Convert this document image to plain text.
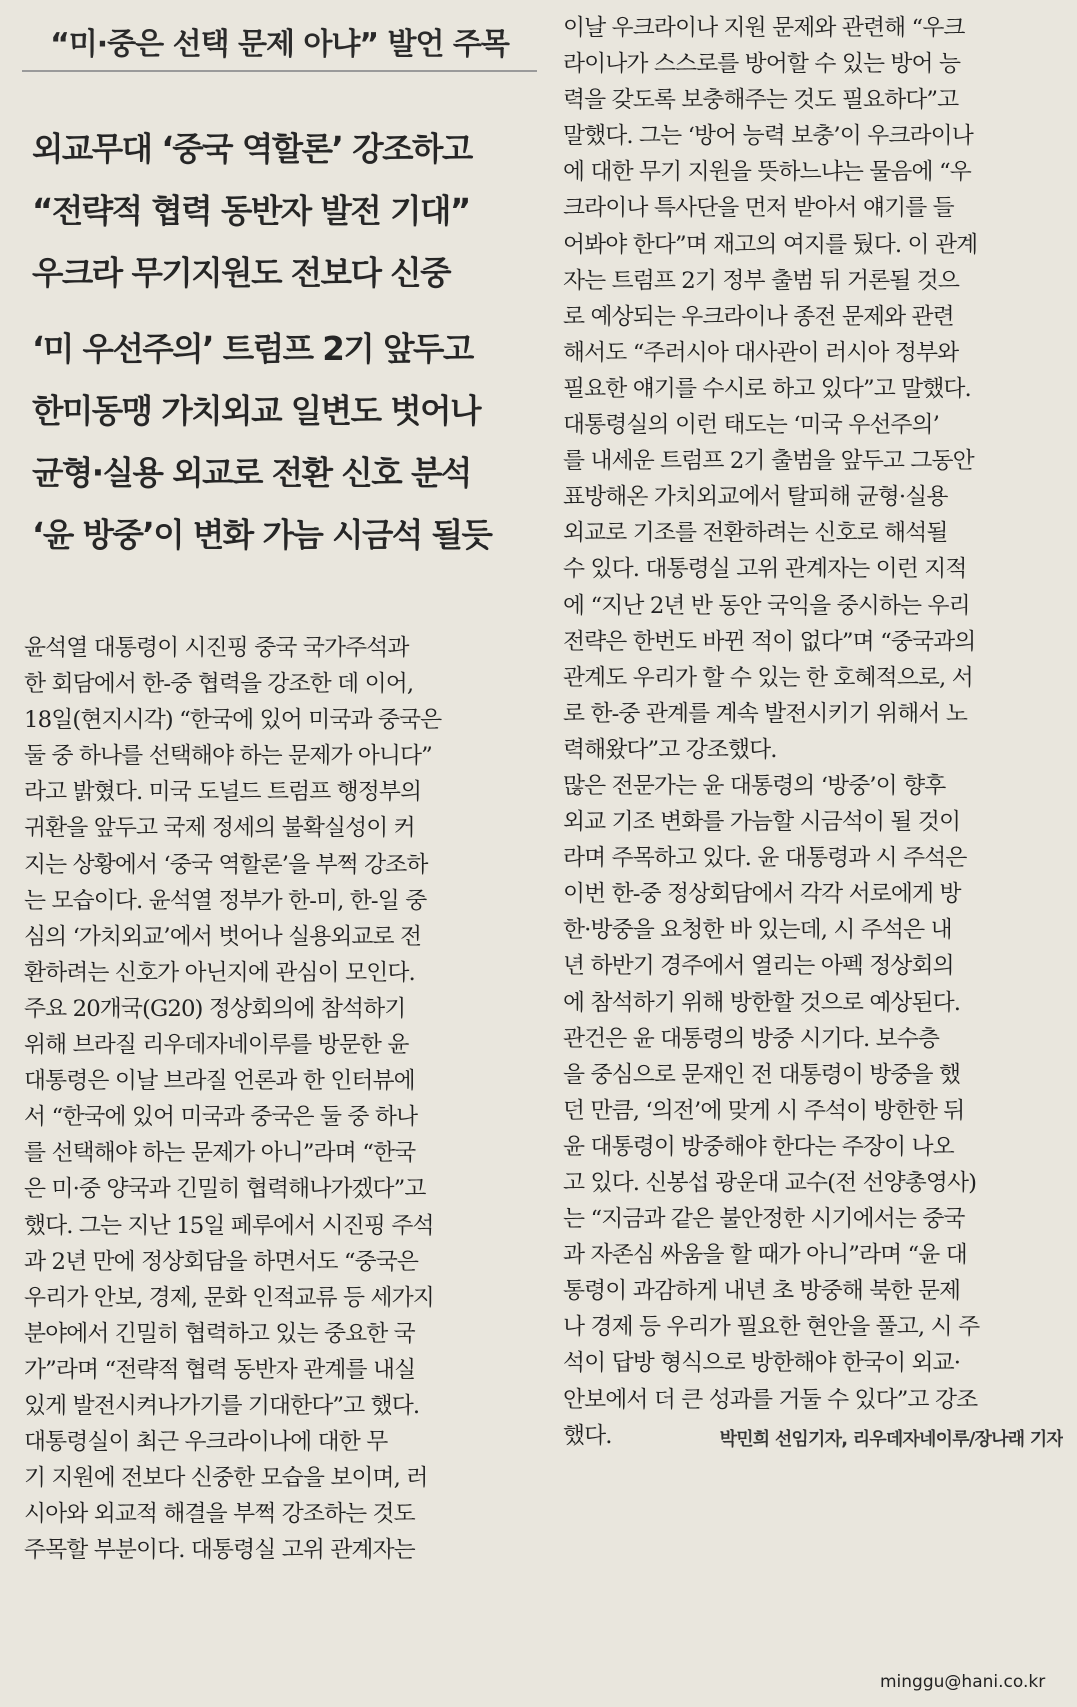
“미·중은 선택 문제 아냐” 발언 주목
외교무대 ‘중국 역할론’ 강조하고
“전략적 협력 동반자 발전 기대”
우크라 무기지원도 전보다 신중
‘미 우선주의’ 트럼프 2기 앞두고
한미동맹 가치외교 일변도 벗어나
균형·실용 외교로 전환 신호 분석
‘윤 방중’이 변화 가늠 시금석 될듯
윤석열 대통령이 시진핑 중국 국가주석과
한 회담에서 한-중 협력을 강조한 데 이어,
18일(현지시각) “한국에 있어 미국과 중국은
둘 중 하나를 선택해야 하는 문제가 아니다”
라고 밝혔다. 미국 도널드 트럼프 행정부의
귀환을 앞두고 국제 정세의 불확실성이 커
지는 상황에서 ‘중국 역할론’을 부쩍 강조하
는 모습이다. 윤석열 정부가 한-미, 한-일 중
심의 ‘가치외교’에서 벗어나 실용외교로 전
환하려는 신호가 아닌지에 관심이 모인다.
주요 20개국(G20) 정상회의에 참석하기
위해 브라질 리우데자네이루를 방문한 윤
대통령은 이날 브라질 언론과 한 인터뷰에
서 “한국에 있어 미국과 중국은 둘 중 하나
를 선택해야 하는 문제가 아니”라며 “한국
은 미·중 양국과 긴밀히 협력해나가겠다”고
했다. 그는 지난 15일 페루에서 시진핑 주석
과 2년 만에 정상회담을 하면서도 “중국은
우리가 안보, 경제, 문화 인적교류 등 세가지
분야에서 긴밀히 협력하고 있는 중요한 국
가”라며 “전략적 협력 동반자 관계를 내실
있게 발전시켜나가기를 기대한다”고 했다.
대통령실이 최근 우크라이나에 대한 무
기 지원에 전보다 신중한 모습을 보이며, 러
시아와 외교적 해결을 부쩍 강조하는 것도
주목할 부분이다. 대통령실 고위 관계자는
이날 우크라이나 지원 문제와 관련해 “우크
라이나가 스스로를 방어할 수 있는 방어 능
력을 갖도록 보충해주는 것도 필요하다”고
말했다. 그는 ‘방어 능력 보충’이 우크라이나
에 대한 무기 지원을 뜻하느냐는 물음에 “우
크라이나 특사단을 먼저 받아서 얘기를 들
어봐야 한다”며 재고의 여지를 뒀다. 이 관계
자는 트럼프 2기 정부 출범 뒤 거론될 것으
로 예상되는 우크라이나 종전 문제와 관련
해서도 “주러시아 대사관이 러시아 정부와
필요한 얘기를 수시로 하고 있다”고 말했다.
대통령실의 이런 태도는 ‘미국 우선주의’
를 내세운 트럼프 2기 출범을 앞두고 그동안
표방해온 가치외교에서 탈피해 균형·실용
외교로 기조를 전환하려는 신호로 해석될
수 있다. 대통령실 고위 관계자는 이런 지적
에 “지난 2년 반 동안 국익을 중시하는 우리
전략은 한번도 바뀐 적이 없다”며 “중국과의
관계도 우리가 할 수 있는 한 호혜적으로, 서
로 한-중 관계를 계속 발전시키기 위해서 노
력해왔다”고 강조했다.
많은 전문가는 윤 대통령의 ‘방중’이 향후
외교 기조 변화를 가늠할 시금석이 될 것이
라며 주목하고 있다. 윤 대통령과 시 주석은
이번 한-중 정상회담에서 각각 서로에게 방
한·방중을 요청한 바 있는데, 시 주석은 내
년 하반기 경주에서 열리는 아펙 정상회의
에 참석하기 위해 방한할 것으로 예상된다.
관건은 윤 대통령의 방중 시기다. 보수층
을 중심으로 문재인 전 대통령이 방중을 했
던 만큼, ‘의전’에 맞게 시 주석이 방한한 뒤
윤 대통령이 방중해야 한다는 주장이 나오
고 있다. 신봉섭 광운대 교수(전 선양총영사)
는 “지금과 같은 불안정한 시기에서는 중국
과 자존심 싸움을 할 때가 아니”라며 “윤 대
통령이 과감하게 내년 초 방중해 북한 문제
나 경제 등 우리가 필요한 현안을 풀고, 시 주
석이 답방 형식으로 방한해야 한국이 외교·
안보에서 더 큰 성과를 거둘 수 있다”고 강조
했다.	박민희 선임기자, 리우데자네이루/장나래 기자
minggu@hani.co.kr
